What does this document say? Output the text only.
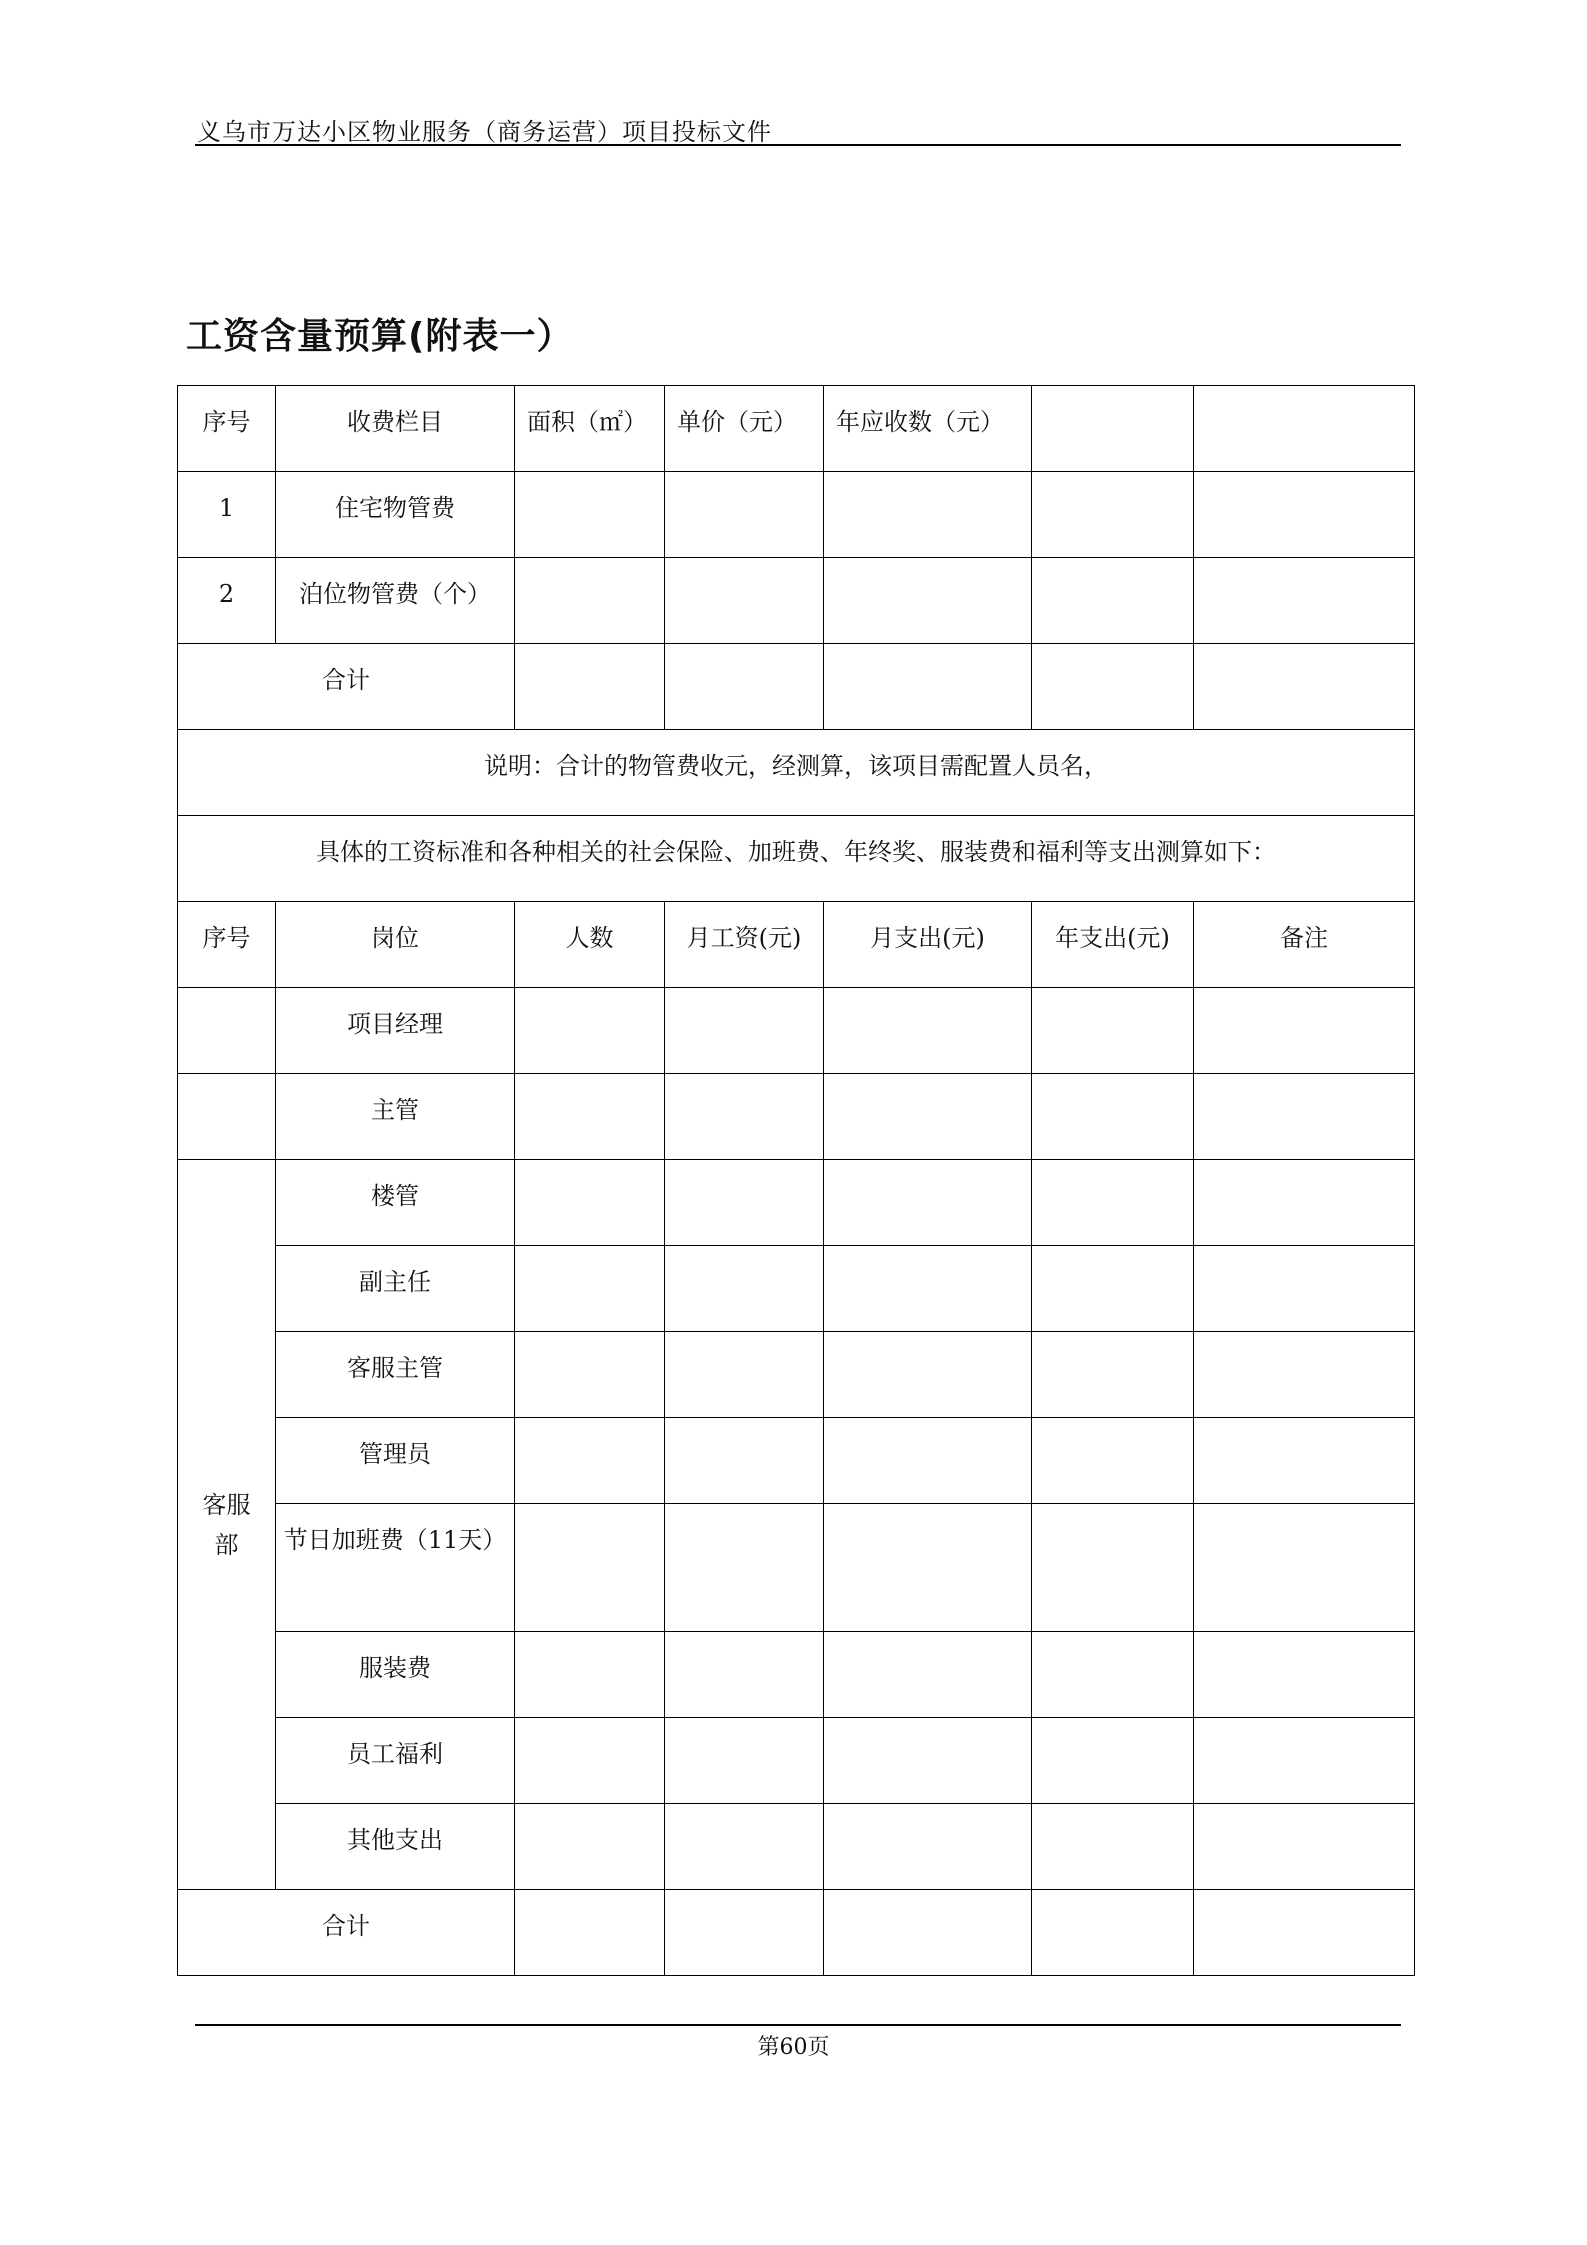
义乌市万达小区物业服务（商务运营）项目投标文件
工资含量预算(附表一）
序号	收费栏目	面积（㎡）	单价（元）	年应收数（元）		
1	住宅物管费					
2	泊位物管费（个）					
合计						
说明：合计的物管费收元，经测算，该项目需配置人员名，						
具体的工资标准和各种相关的社会保险、加班费、年终奖、服装费和福利等支出测算如下：						
序号	岗位	人数	月工资(元)	月支出(元)	年支出(元)	备注
	项目经理					
	主管					
客服部	楼管					
	副主任					
	客服主管					
	管理员					
	节日加班费（11天）					
	服装费					
	员工福利					
	其他支出					
合计						
第60页
